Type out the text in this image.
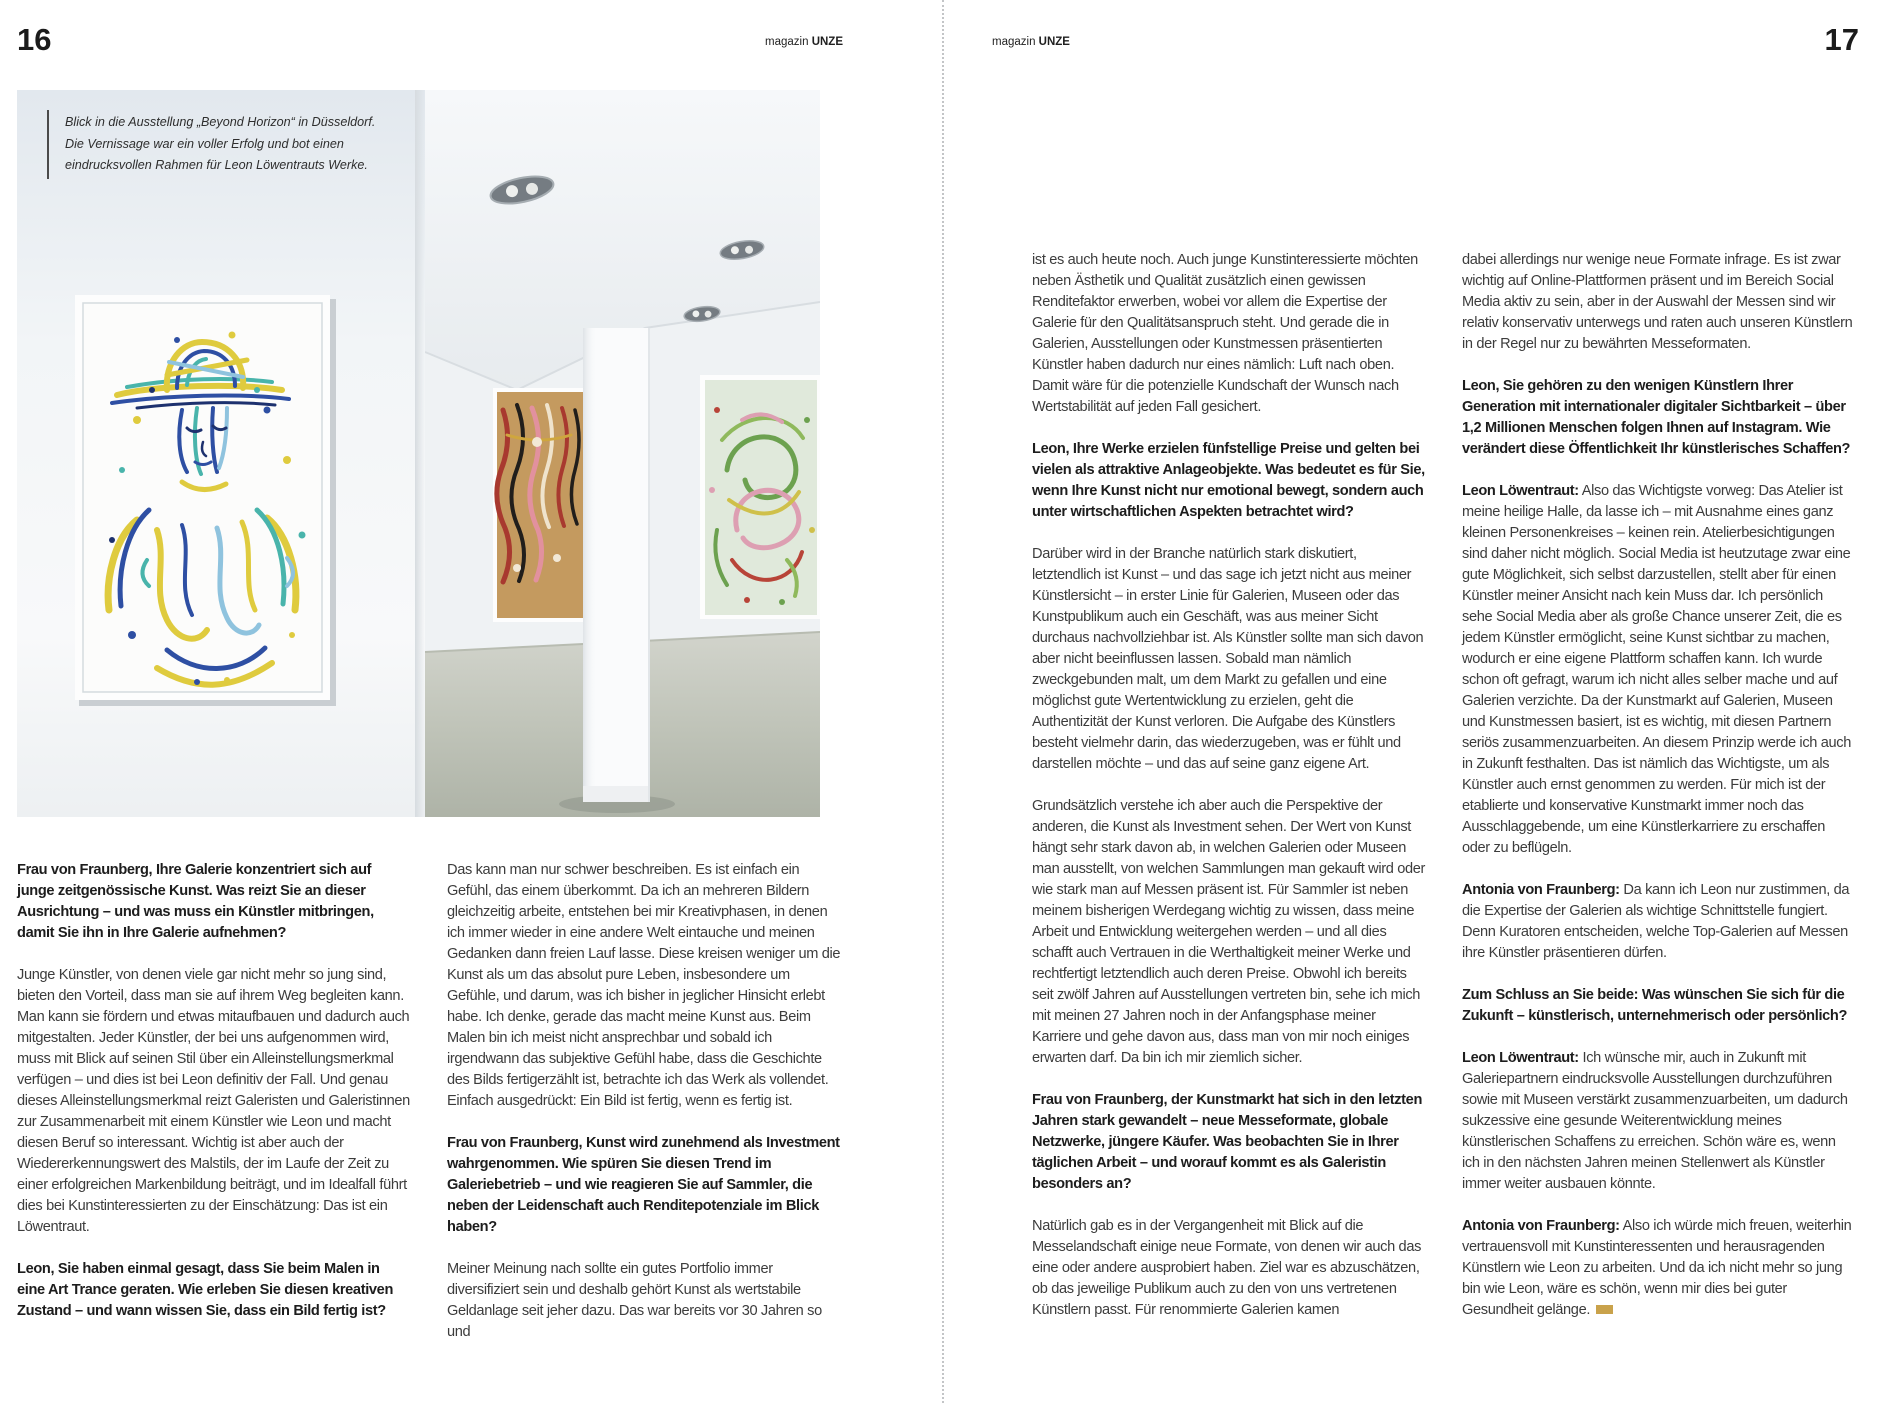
16	17
magazin UNZE	magazin UNZE
Blick in die Ausstellung „Beyond Horizon“ in Düsseldorf.
Die Vernissage war ein voller Erfolg und bot einen
eindrucksvollen Rahmen für Leon Löwentrauts Werke.

Frau von Fraunberg, Ihre Galerie konzentriert sich auf junge zeitgenössische Kunst. Was reizt Sie an dieser Ausrichtung – und was muss ein Künstler mitbringen, damit Sie ihn in Ihre Galerie aufnehmen?

Junge Künstler, von denen viele gar nicht mehr so jung sind, bieten den Vorteil, dass man sie auf ihrem Weg begleiten kann. Man kann sie fördern und etwas mitaufbauen und dadurch auch mitgestalten. Jeder Künstler, der bei uns aufgenommen wird, muss mit Blick auf seinen Stil über ein Alleinstellungsmerkmal verfügen – und dies ist bei Leon definitiv der Fall. Und genau dieses Alleinstellungsmerkmal reizt Galeristen und Galeristinnen zur Zusammenarbeit mit einem Künstler wie Leon und macht diesen Beruf so interessant. Wichtig ist aber auch der Wiedererkennungswert des Malstils, der im Laufe der Zeit zu einer erfolgreichen Markenbildung beiträgt, und im Idealfall führt dies bei Kunstinteressierten zu der Einschätzung: Das ist ein Löwentraut.

Leon, Sie haben einmal gesagt, dass Sie beim Malen in eine Art Trance geraten. Wie erleben Sie diesen kreativen Zustand – und wann wissen Sie, dass ein Bild fertig ist?

Das kann man nur schwer beschreiben. Es ist einfach ein Gefühl, das einem überkommt. Da ich an mehreren Bildern gleichzeitig arbeite, entstehen bei mir Kreativphasen, in denen ich immer wieder in eine andere Welt eintauche und meinen Gedanken dann freien Lauf lasse. Diese kreisen weniger um die Kunst als um das absolut pure Leben, insbesondere um Gefühle, und darum, was ich bisher in jeglicher Hinsicht erlebt habe. Ich denke, gerade das macht meine Kunst aus. Beim Malen bin ich meist nicht ansprechbar und sobald ich irgendwann das subjektive Gefühl habe, dass die Geschichte des Bilds fertigerzählt ist, betrachte ich das Werk als vollendet. Einfach ausgedrückt: Ein Bild ist fertig, wenn es fertig ist.

Frau von Fraunberg, Kunst wird zunehmend als Investment wahrgenommen. Wie spüren Sie diesen Trend im Galeriebetrieb – und wie reagieren Sie auf Sammler, die neben der Leidenschaft auch Renditepotenziale im Blick haben?

Meiner Meinung nach sollte ein gutes Portfolio immer diversifiziert sein und deshalb gehört Kunst als wertstabile Geldanlage seit jeher dazu. Das war bereits vor 30 Jahren so und

ist es auch heute noch. Auch junge Kunstinteressierte möchten neben Ästhetik und Qualität zusätzlich einen gewissen Renditefaktor erwerben, wobei vor allem die Expertise der Galerie für den Qualitätsanspruch steht. Und gerade die in Galerien, Ausstellungen oder Kunstmessen präsentierten Künstler haben dadurch nur eines nämlich: Luft nach oben. Damit wäre für die potenzielle Kundschaft der Wunsch nach Wertstabilität auf jeden Fall gesichert.

Leon, Ihre Werke erzielen fünfstellige Preise und gelten bei vielen als attraktive Anlageobjekte. Was bedeutet es für Sie, wenn Ihre Kunst nicht nur emotional bewegt, sondern auch unter wirtschaftlichen Aspekten betrachtet wird?

Darüber wird in der Branche natürlich stark diskutiert, letztendlich ist Kunst – und das sage ich jetzt nicht aus meiner Künstlersicht – in erster Linie für Galerien, Museen oder das Kunstpublikum auch ein Geschäft, was aus meiner Sicht durchaus nachvollziehbar ist. Als Künstler sollte man sich davon aber nicht beeinflussen lassen. Sobald man nämlich zweckgebunden malt, um dem Markt zu gefallen und eine möglichst gute Wertentwicklung zu erzielen, geht die Authentizität der Kunst verloren. Die Aufgabe des Künstlers besteht vielmehr darin, das wiederzugeben, was er fühlt und darstellen möchte – und das auf seine ganz eigene Art.

Grundsätzlich verstehe ich aber auch die Perspektive der anderen, die Kunst als Investment sehen. Der Wert von Kunst hängt sehr stark davon ab, in welchen Galerien oder Museen man ausstellt, von welchen Sammlungen man gekauft wird oder wie stark man auf Messen präsent ist. Für Sammler ist neben meinem bisherigen Werdegang wichtig zu wissen, dass meine Arbeit und Entwicklung weitergehen werden – und all dies schafft auch Vertrauen in die Werthaltigkeit meiner Werke und rechtfertigt letztendlich auch deren Preise. Obwohl ich bereits seit zwölf Jahren auf Ausstellungen vertreten bin, sehe ich mich mit meinen 27 Jahren noch in der Anfangsphase meiner Karriere und gehe davon aus, dass man von mir noch einiges erwarten darf. Da bin ich mir ziemlich sicher.

Frau von Fraunberg, der Kunstmarkt hat sich in den letzten Jahren stark gewandelt – neue Messeformate, globale Netzwerke, jüngere Käufer. Was beobachten Sie in Ihrer täglichen Arbeit – und worauf kommt es als Galeristin besonders an?

Natürlich gab es in der Vergangenheit mit Blick auf die Messelandschaft einige neue Formate, von denen wir auch das eine oder andere ausprobiert haben. Ziel war es abzuschätzen, ob das jeweilige Publikum auch zu den von uns vertretenen Künstlern passt. Für renommierte Galerien kamen

dabei allerdings nur wenige neue Formate infrage. Es ist zwar wichtig auf Online-Plattformen präsent und im Bereich Social Media aktiv zu sein, aber in der Auswahl der Messen sind wir relativ konservativ unterwegs und raten auch unseren Künstlern in der Regel nur zu bewährten Messeformaten.

Leon, Sie gehören zu den wenigen Künstlern Ihrer Generation mit internationaler digitaler Sichtbarkeit – über 1,2 Millionen Menschen folgen Ihnen auf Instagram. Wie verändert diese Öffentlichkeit Ihr künstlerisches Schaffen?

Leon Löwentraut: Also das Wichtigste vorweg: Das Atelier ist meine heilige Halle, da lasse ich – mit Ausnahme eines ganz kleinen Personenkreises – keinen rein. Atelierbesichtigungen sind daher nicht möglich. Social Media ist heutzutage zwar eine gute Möglichkeit, sich selbst darzustellen, stellt aber für einen Künstler meiner Ansicht nach kein Muss dar. Ich persönlich sehe Social Media aber als große Chance unserer Zeit, die es jedem Künstler ermöglicht, seine Kunst sichtbar zu machen, wodurch er eine eigene Plattform schaffen kann. Ich wurde schon oft gefragt, warum ich nicht alles selber mache und auf Galerien verzichte. Da der Kunstmarkt auf Galerien, Museen und Kunstmessen basiert, ist es wichtig, mit diesen Partnern seriös zusammenzuarbeiten. An diesem Prinzip werde ich auch in Zukunft festhalten. Das ist nämlich das Wichtigste, um als Künstler auch ernst genommen zu werden. Für mich ist der etablierte und konservative Kunstmarkt immer noch das Ausschlaggebende, um eine Künstlerkarriere zu erschaffen oder zu beflügeln.

Antonia von Fraunberg: Da kann ich Leon nur zustimmen, da die Expertise der Galerien als wichtige Schnittstelle fungiert. Denn Kuratoren entscheiden, welche Top-Galerien auf Messen ihre Künstler präsentieren dürfen.

Zum Schluss an Sie beide: Was wünschen Sie sich für die Zukunft – künstlerisch, unternehmerisch oder persönlich?

Leon Löwentraut: Ich wünsche mir, auch in Zukunft mit Galeriepartnern eindrucksvolle Ausstellungen durchzuführen sowie mit Museen verstärkt zusammenzuarbeiten, um dadurch sukzessive eine gesunde Weiterentwicklung meines künstlerischen Schaffens zu erreichen. Schön wäre es, wenn ich in den nächsten Jahren meinen Stellenwert als Künstler immer weiter ausbauen könnte.

Antonia von Fraunberg: Also ich würde mich freuen, weiterhin vertrauensvoll mit Kunstinteressenten und herausragenden Künstlern wie Leon zu arbeiten. Und da ich nicht mehr so jung bin wie Leon, wäre es schön, wenn mir dies bei guter Gesundheit gelänge.
